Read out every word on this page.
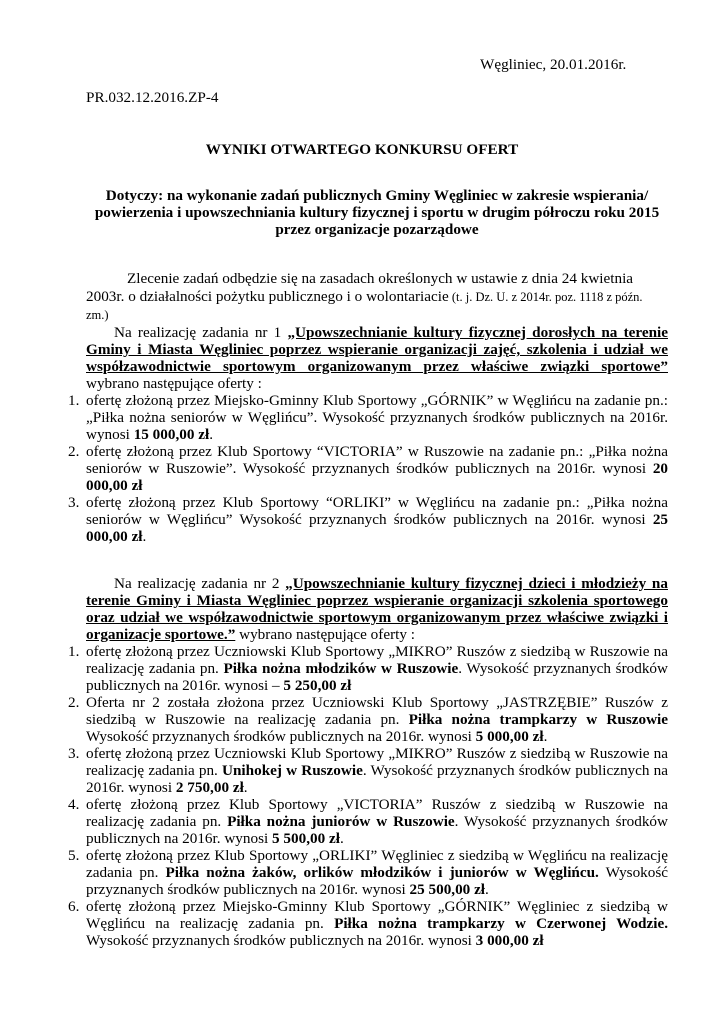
Węgliniec, 20.01.2016r.
PR.032.12.2016.ZP-4
WYNIKI OTWARTEGO KONKURSU OFERT
Dotyczy: na wykonanie zadań publicznych Gminy Węgliniec w zakresie wspierania/ powierzenia i upowszechniania kultury fizycznej i sportu w drugim półroczu roku 2015 przez organizacje pozarządowe
Zlecenie zadań odbędzie się na zasadach określonych w ustawie z dnia 24 kwietnia 2003r. o działalności pożytku publicznego i o wolontariacie (t. j. Dz. U. z 2014r. poz. 1118 z późn. zm.)

Na realizację zadania nr 1 „Upowszechnianie kultury fizycznej dorosłych na terenie Gminy i Miasta Węgliniec poprzez wspieranie organizacji zajęć, szkolenia i udział we współzawodnictwie sportowym organizowanym przez właściwe związki sportowe” wybrano następujące oferty :

1. ofertę złożoną przez Miejsko-Gminny Klub Sportowy „GÓRNIK” w Węglińcu na zadanie pn.: „Piłka nożna seniorów w Węglińcu”. Wysokość przyznanych środków publicznych na 2016r. wynosi 15 000,00 zł.
2. ofertę złożoną przez Klub Sportowy “VICTORIA” w Ruszowie na zadanie pn.: „Piłka nożna seniorów w Ruszowie”. Wysokość przyznanych środków publicznych na 2016r. wynosi 20 000,00 zł
3. ofertę złożoną przez Klub Sportowy “ORLIKI” w Węglińcu na zadanie pn.: „Piłka nożna seniorów w Węglińcu” Wysokość przyznanych środków publicznych na 2016r. wynosi 25 000,00 zł.

Na realizację zadania nr 2 „Upowszechnianie kultury fizycznej dzieci i młodzieży na terenie Gminy i Miasta Węgliniec poprzez wspieranie organizacji szkolenia sportowego oraz udział we współzawodnictwie sportowym organizowanym przez właściwe związki i organizacje sportowe.” wybrano następujące oferty :

1. ofertę złożoną przez Uczniowski Klub Sportowy „MIKRO” Ruszów z siedzibą w Ruszowie na realizację zadania pn. Piłka nożna młodzików w Ruszowie. Wysokość przyznanych środków publicznych na 2016r. wynosi – 5 250,00 zł
2. Oferta nr 2 została złożona przez Uczniowski Klub Sportowy „JASTRZĘBIE” Ruszów z siedzibą w Ruszowie na realizację zadania pn. Piłka nożna trampkarzy w Ruszowie Wysokość przyznanych środków publicznych na 2016r. wynosi 5 000,00 zł.
3. ofertę złożoną przez Uczniowski Klub Sportowy „MIKRO” Ruszów z siedzibą w Ruszowie na realizację zadania pn. Unihokej w Ruszowie. Wysokość przyznanych środków publicznych na 2016r. wynosi 2 750,00 zł.
4. ofertę złożoną przez Klub Sportowy „VICTORIA” Ruszów z siedzibą w Ruszowie na realizację zadania pn. Piłka nożna juniorów w Ruszowie. Wysokość przyznanych środków publicznych na 2016r. wynosi 5 500,00 zł.
5. ofertę złożoną przez Klub Sportowy „ORLIKI” Węgliniec z siedzibą w Węglińcu na realizację zadania pn. Piłka nożna żaków, orlików młodzików i juniorów w Węglińcu. Wysokość przyznanych środków publicznych na 2016r. wynosi 25 500,00 zł.
6. ofertę złożoną przez Miejsko-Gminny Klub Sportowy „GÓRNIK” Węgliniec z siedzibą w Węglińcu na realizację zadania pn. Piłka nożna trampkarzy w Czerwonej Wodzie. Wysokość przyznanych środków publicznych na 2016r. wynosi 3 000,00 zł
